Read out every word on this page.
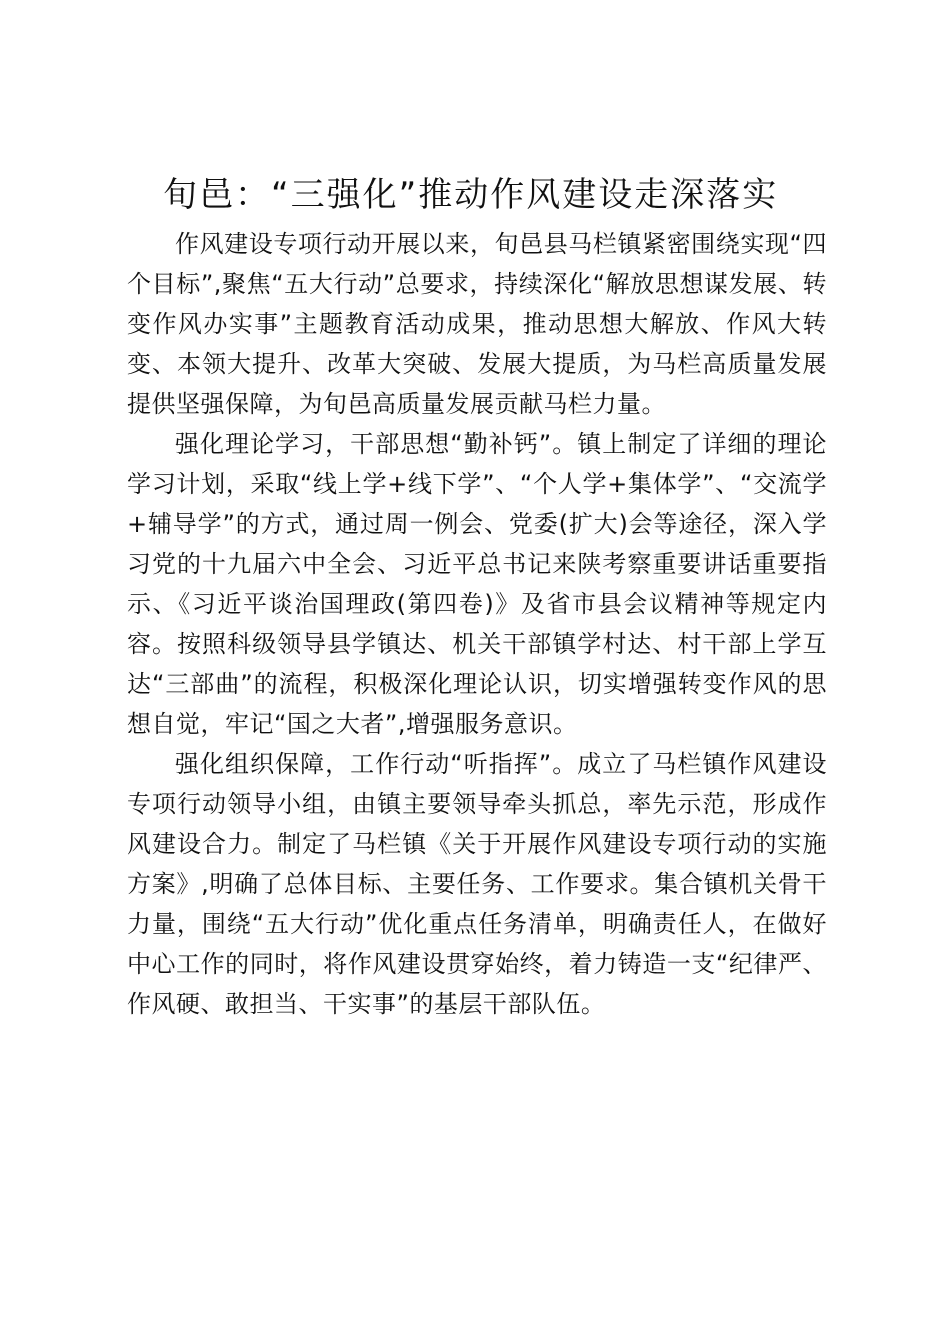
旬邑：“三强化”推动作风建设走深落实

作风建设专项行动开展以来，旬邑县马栏镇紧密围绕实现“四个目标”,聚焦“五大行动”总要求，持续深化“解放思想谋发展、转变作风办实事”主题教育活动成果，推动思想大解放、作风大转变、本领大提升、改革大突破、发展大提质，为马栏高质量发展提供坚强保障，为旬邑高质量发展贡献马栏力量。

强化理论学习，干部思想“勤补钙”。镇上制定了详细的理论学习计划，采取“线上学+线下学”、“个人学+集体学”、“交流学+辅导学”的方式，通过周一例会、党委(扩大)会等途径，深入学习党的十九届六中全会、习近平总书记来陕考察重要讲话重要指示、《习近平谈治国理政(第四卷)》及省市县会议精神等规定内容。按照科级领导县学镇达、机关干部镇学村达、村干部上学互达“三部曲”的流程，积极深化理论认识，切实增强转变作风的思想自觉，牢记“国之大者”,增强服务意识。

强化组织保障，工作行动“听指挥”。成立了马栏镇作风建设专项行动领导小组，由镇主要领导牵头抓总，率先示范，形成作风建设合力。制定了马栏镇《关于开展作风建设专项行动的实施方案》,明确了总体目标、主要任务、工作要求。集合镇机关骨干力量，围绕“五大行动”优化重点任务清单，明确责任人，在做好中心工作的同时，将作风建设贯穿始终，着力铸造一支“纪律严、作风硬、敢担当、干实事”的基层干部队伍。
